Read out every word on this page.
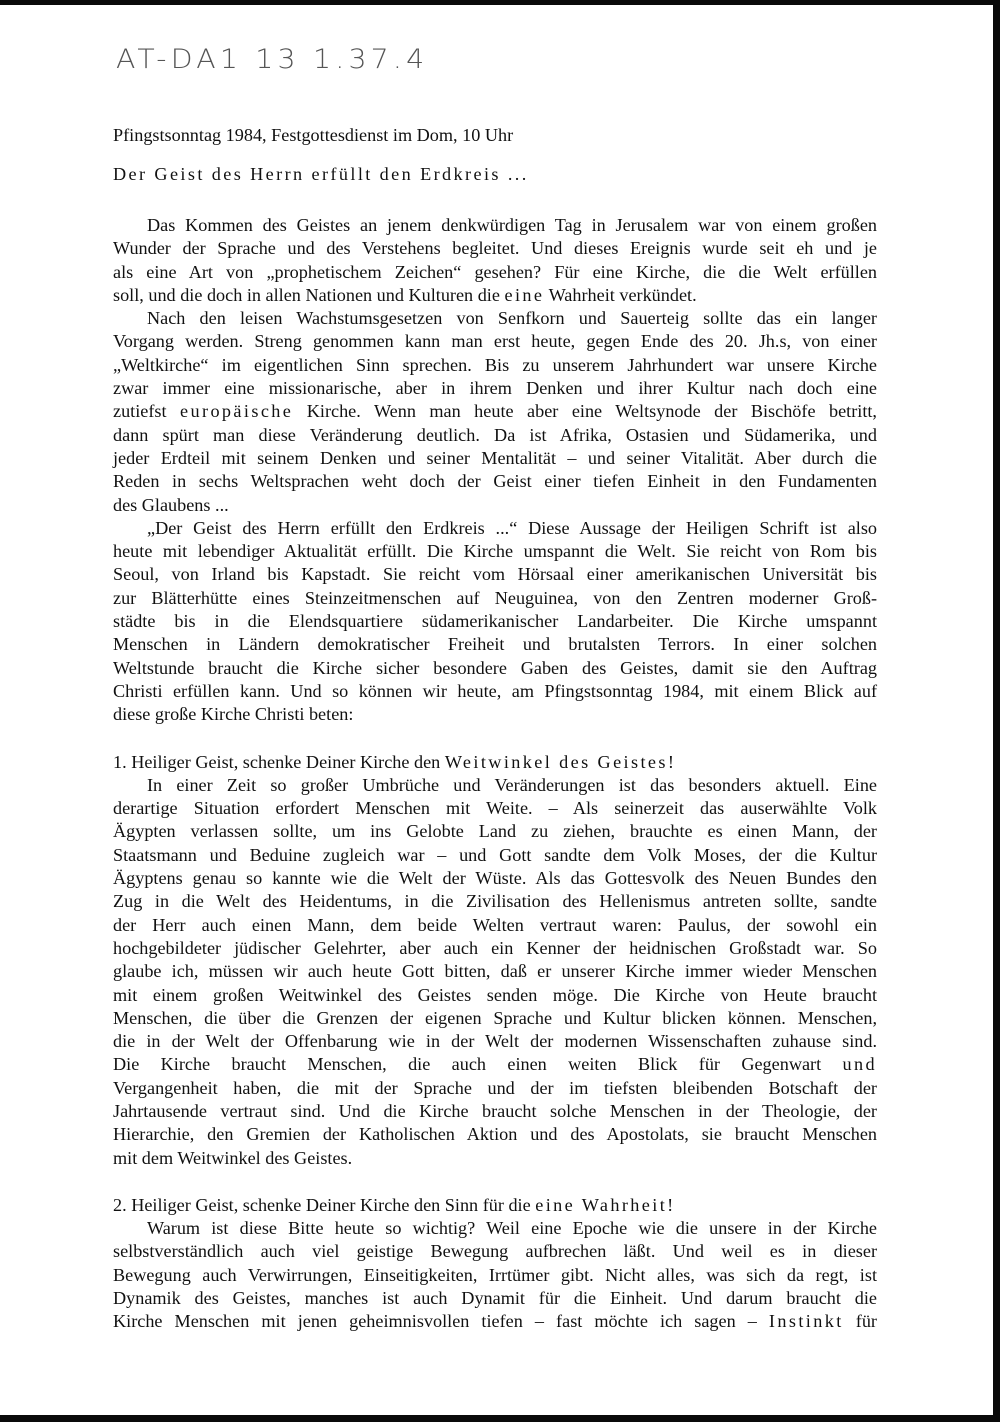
AT-DA1 13 1.37.4
Pfingstsonntag 1984, Festgottesdienst im Dom, 10 Uhr
Der Geist des Herrn erfüllt den Erdkreis ...
Das Kommen des Geistes an jenem denkwürdigen Tag in Jerusalem war von einem großen
Wunder der Sprache und des Verstehens begleitet. Und dieses Ereignis wurde seit eh und je
als eine Art von „prophetischem Zeichen“ gesehen? Für eine Kirche, die die Welt erfüllen
soll, und die doch in allen Nationen und Kulturen die eine Wahrheit verkündet.
Nach den leisen Wachstumsgesetzen von Senfkorn und Sauerteig sollte das ein langer
Vorgang werden. Streng genommen kann man erst heute, gegen Ende des 20. Jh.s, von einer
„Weltkirche“ im eigentlichen Sinn sprechen. Bis zu unserem Jahrhundert war unsere Kirche
zwar immer eine missionarische, aber in ihrem Denken und ihrer Kultur nach doch eine
zutiefst europäische Kirche. Wenn man heute aber eine Weltsynode der Bischöfe betritt,
dann spürt man diese Veränderung deutlich. Da ist Afrika, Ostasien und Südamerika, und
jeder Erdteil mit seinem Denken und seiner Mentalität – und seiner Vitalität. Aber durch die
Reden in sechs Weltsprachen weht doch der Geist einer tiefen Einheit in den Fundamenten
des Glaubens ...
„Der Geist des Herrn erfüllt den Erdkreis ...“ Diese Aussage der Heiligen Schrift ist also
heute mit lebendiger Aktualität erfüllt. Die Kirche umspannt die Welt. Sie reicht von Rom bis
Seoul, von Irland bis Kapstadt. Sie reicht vom Hörsaal einer amerikanischen Universität bis
zur Blätterhütte eines Steinzeitmenschen auf Neuguinea, von den Zentren moderner Groß-
städte bis in die Elendsquartiere südamerikanischer Landarbeiter. Die Kirche umspannt
Menschen in Ländern demokratischer Freiheit und brutalsten Terrors. In einer solchen
Weltstunde braucht die Kirche sicher besondere Gaben des Geistes, damit sie den Auftrag
Christi erfüllen kann. Und so können wir heute, am Pfingstsonntag 1984, mit einem Blick auf
diese große Kirche Christi beten:
1. Heiliger Geist, schenke Deiner Kirche den Weitwinkel des Geistes!
In einer Zeit so großer Umbrüche und Veränderungen ist das besonders aktuell. Eine
derartige Situation erfordert Menschen mit Weite. – Als seinerzeit das auserwählte Volk
Ägypten verlassen sollte, um ins Gelobte Land zu ziehen, brauchte es einen Mann, der
Staatsmann und Beduine zugleich war – und Gott sandte dem Volk Moses, der die Kultur
Ägyptens genau so kannte wie die Welt der Wüste. Als das Gottesvolk des Neuen Bundes den
Zug in die Welt des Heidentums, in die Zivilisation des Hellenismus antreten sollte, sandte
der Herr auch einen Mann, dem beide Welten vertraut waren: Paulus, der sowohl ein
hochgebildeter jüdischer Gelehrter, aber auch ein Kenner der heidnischen Großstadt war. So
glaube ich, müssen wir auch heute Gott bitten, daß er unserer Kirche immer wieder Menschen
mit einem großen Weitwinkel des Geistes senden möge. Die Kirche von Heute braucht
Menschen, die über die Grenzen der eigenen Sprache und Kultur blicken können. Menschen,
die in der Welt der Offenbarung wie in der Welt der modernen Wissenschaften zuhause sind.
Die Kirche braucht Menschen, die auch einen weiten Blick für Gegenwart und
Vergangenheit haben, die mit der Sprache und der im tiefsten bleibenden Botschaft der
Jahrtausende vertraut sind. Und die Kirche braucht solche Menschen in der Theologie, der
Hierarchie, den Gremien der Katholischen Aktion und des Apostolats, sie braucht Menschen
mit dem Weitwinkel des Geistes.
2. Heiliger Geist, schenke Deiner Kirche den Sinn für die eine Wahrheit!
Warum ist diese Bitte heute so wichtig? Weil eine Epoche wie die unsere in der Kirche
selbstverständlich auch viel geistige Bewegung aufbrechen läßt. Und weil es in dieser
Bewegung auch Verwirrungen, Einseitigkeiten, Irrtümer gibt. Nicht alles, was sich da regt, ist
Dynamik des Geistes, manches ist auch Dynamit für die Einheit. Und darum braucht die
Kirche Menschen mit jenen geheimnisvollen tiefen – fast möchte ich sagen – Instinkt für
